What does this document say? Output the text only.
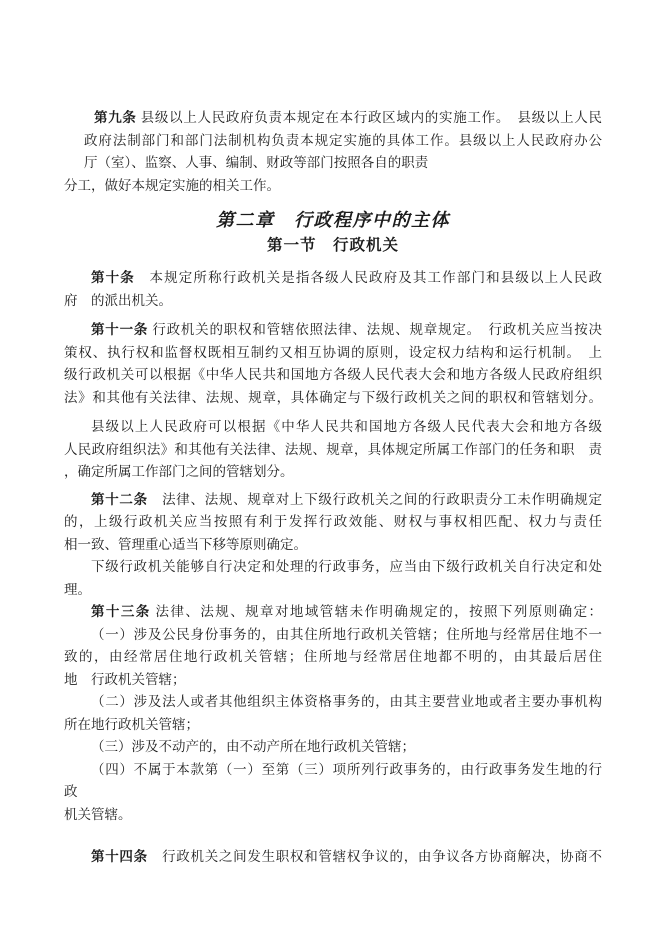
第九条 县级以上人民政府负责本规定在本行政区域内的实施工作。　县级以上人民
政府法制部门和部门法制机构负责本规定实施的具体工作。县级以上人民政府办公
厅（室）、监察、人事、编制、财政等部门按照各自的职责
分工，做好本规定实施的相关工作。
第二章　行政程序中的主体
第一节　行政机关
第十条　本规定所称行政机关是指各级人民政府及其工作部门和县级以上人民政
府　的派出机关。
第十一条 行政机关的职权和管辖依照法律、法规、规章规定。　行政机关应当按决
策权、执行权和监督权既相互制约又相互协调的原则，设定权力结构和运行机制。　上
级行政机关可以根据《中华人民共和国地方各级人民代表大会和地方各级人民政府组织
法》和其他有关法律、法规、规章，具体确定与下级行政机关之间的职权和管辖划分。
县级以上人民政府可以根据《中华人民共和国地方各级人民代表大会和地方各级
人民政府组织法》和其他有关法律、法规、规章，具体规定所属工作部门的任务和职　责
，确定所属工作部门之间的管辖划分。
第十二条　法律、法规、规章对上下级行政机关之间的行政职责分工未作明确规定
的，上级行政机关应当按照有利于发挥行政效能、财权与事权相匹配、权力与责任
相一致、管理重心适当下移等原则确定。
下级行政机关能够自行决定和处理的行政事务，应当由下级行政机关自行决定和处
理。
第十三条 法律、法规、规章对地域管辖未作明确规定的，按照下列原则确定：
（一）涉及公民身份事务的，由其住所地行政机关管辖；住所地与经常居住地不一
致的，由经常居住地行政机关管辖；住所地与经常居住地都不明的，由其最后居住
地　行政机关管辖；
（二）涉及法人或者其他组织主体资格事务的，由其主要营业地或者主要办事机构
所在地行政机关管辖；
（三）涉及不动产的，由不动产所在地行政机关管辖；
（四）不属于本款第（一）至第（三）项所列行政事务的，由行政事务发生地的行　政
机关管辖。
第十四条　行政机关之间发生职权和管辖权争议的，由争议各方协商解决，协商不
